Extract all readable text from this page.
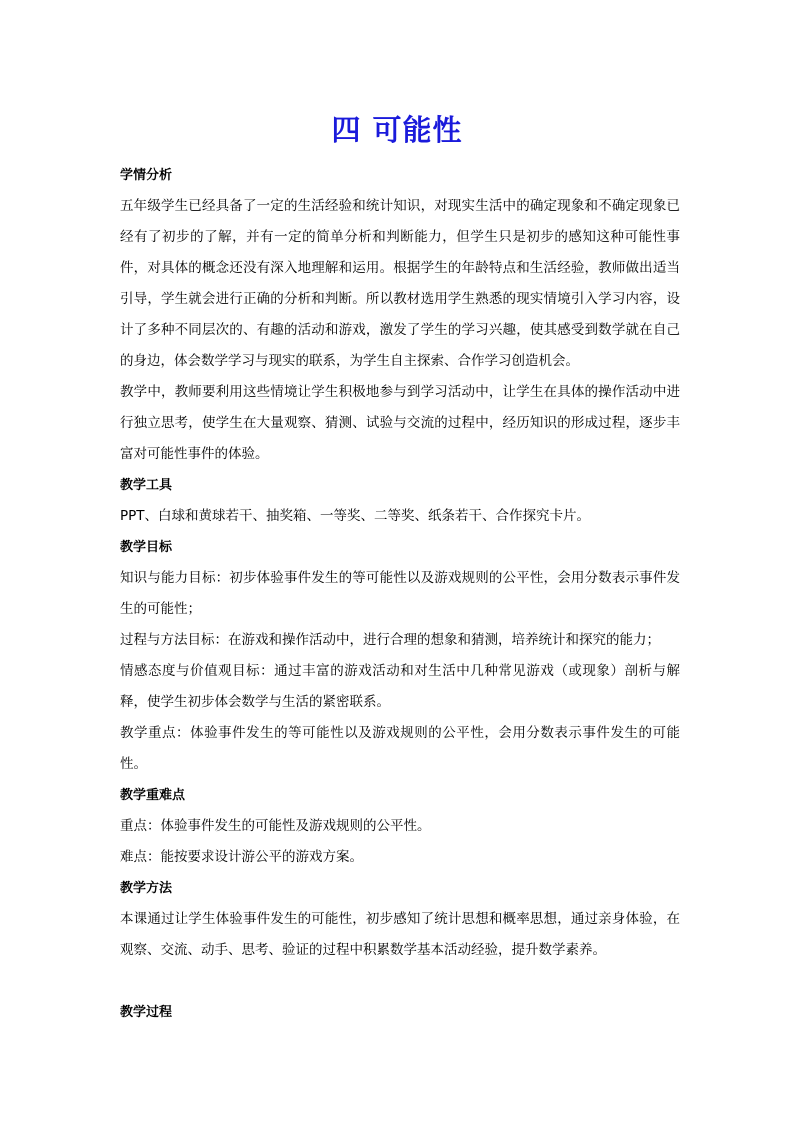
四 可能性

学情分析

五年级学生已经具备了一定的生活经验和统计知识，对现实生活中的确定现象和不确定现象已经有了初步的了解，并有一定的简单分析和判断能力，但学生只是初步的感知这种可能性事件，对具体的概念还没有深入地理解和运用。根据学生的年龄特点和生活经验，教师做出适当引导，学生就会进行正确的分析和判断。所以教材选用学生熟悉的现实情境引入学习内容，设计了多种不同层次的、有趣的活动和游戏，激发了学生的学习兴趣，使其感受到数学就在自己的身边，体会数学学习与现实的联系，为学生自主探索、合作学习创造机会。

教学中，教师要利用这些情境让学生积极地参与到学习活动中，让学生在具体的操作活动中进行独立思考，使学生在大量观察、猜测、试验与交流的过程中，经历知识的形成过程，逐步丰富对可能性事件的体验。

教学工具

PPT、白球和黄球若干、抽奖箱、一等奖、二等奖、纸条若干、合作探究卡片。

教学目标

知识与能力目标：初步体验事件发生的等可能性以及游戏规则的公平性，会用分数表示事件发生的可能性；

过程与方法目标：在游戏和操作活动中，进行合理的想象和猜测，培养统计和探究的能力；

情感态度与价值观目标：通过丰富的游戏活动和对生活中几种常见游戏（或现象）剖析与解释，使学生初步体会数学与生活的紧密联系。

教学重点：体验事件发生的等可能性以及游戏规则的公平性，会用分数表示事件发生的可能性。

教学重难点

重点：体验事件发生的可能性及游戏规则的公平性。

难点：能按要求设计游公平的游戏方案。

教学方法

本课通过让学生体验事件发生的可能性，初步感知了统计思想和概率思想，通过亲身体验，在观察、交流、动手、思考、验证的过程中积累数学基本活动经验，提升数学素养。

教学过程
